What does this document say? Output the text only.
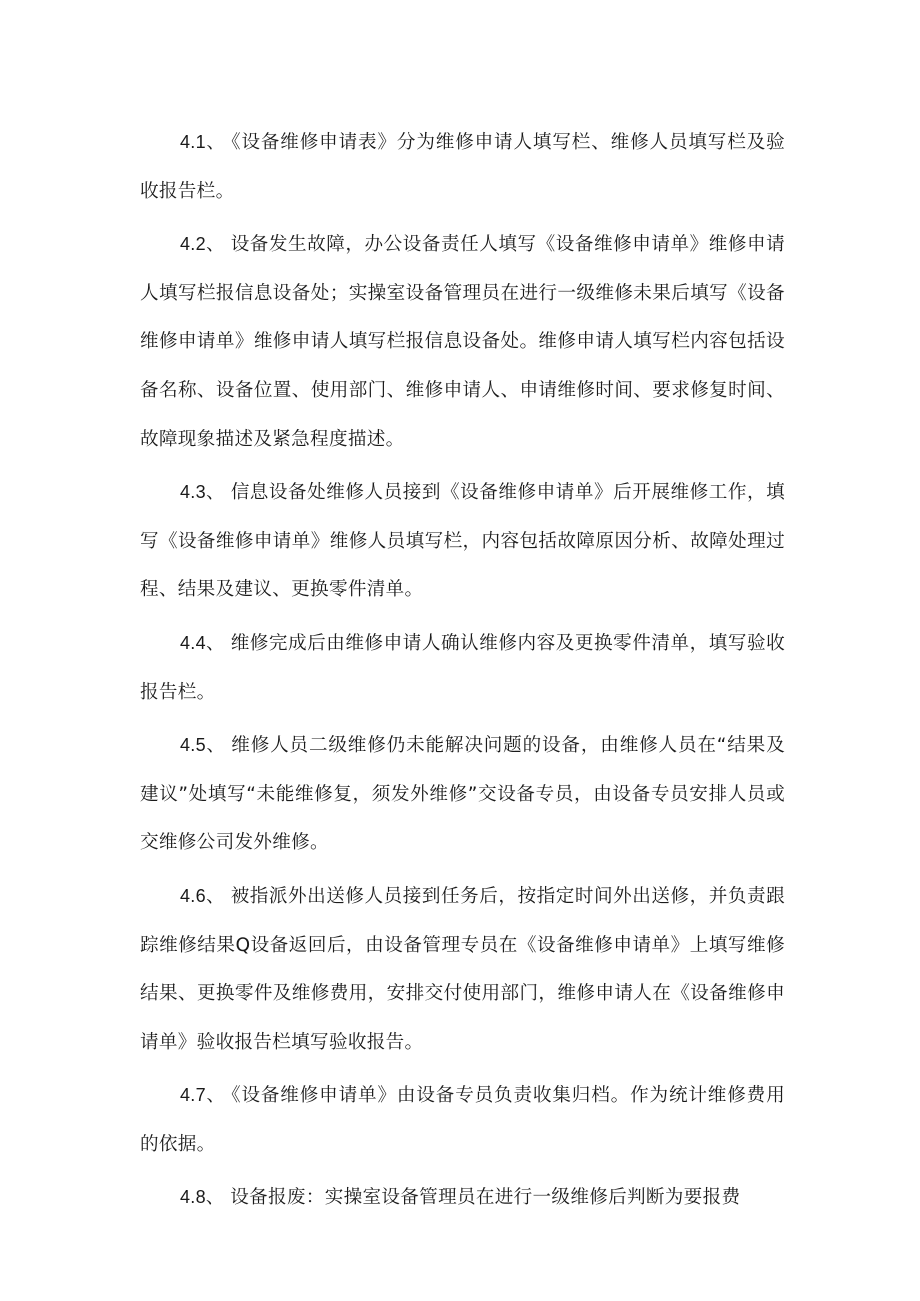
4.1、 《设备维修申请表》分为维修申请人填写栏、维修人员填写栏及验收报告栏。

4.2、 设备发生故障，办公设备责任人填写《设备维修申请单》维修申请人填写栏报信息设备处；实操室设备管理员在进行一级维修未果后填写《设备维修申请单》维修申请人填写栏报信息设备处。维修申请人填写栏内容包括设备名称、设备位置、使用部门、维修申请人、申请维修时间、要求修复时间、故障现象描述及紧急程度描述。

4.3、 信息设备处维修人员接到《设备维修申请单》后开展维修工作，填写《设备维修申请单》维修人员填写栏，内容包括故障原因分析、故障处理过程、结果及建议、更换零件清单。

4.4、 维修完成后由维修申请人确认维修内容及更换零件清单，填写验收报告栏。

4.5、 维修人员二级维修仍未能解决问题的设备，由维修人员在“结果及建议”处填写“未能维修复，须发外维修”交设备专员，由设备专员安排人员或交维修公司发外维修。

4.6、 被指派外出送修人员接到任务后，按指定时间外出送修，并负责跟踪维修结果Q设备返回后，由设备管理专员在《设备维修申请单》上填写维修结果、更换零件及维修费用，安排交付使用部门，维修申请人在《设备维修申请单》验收报告栏填写验收报告。

4.7、 《设备维修申请单》由设备专员负责收集归档。作为统计维修费用的依据。

4.8、 设备报废：实操室设备管理员在进行一级维修后判断为要报费
